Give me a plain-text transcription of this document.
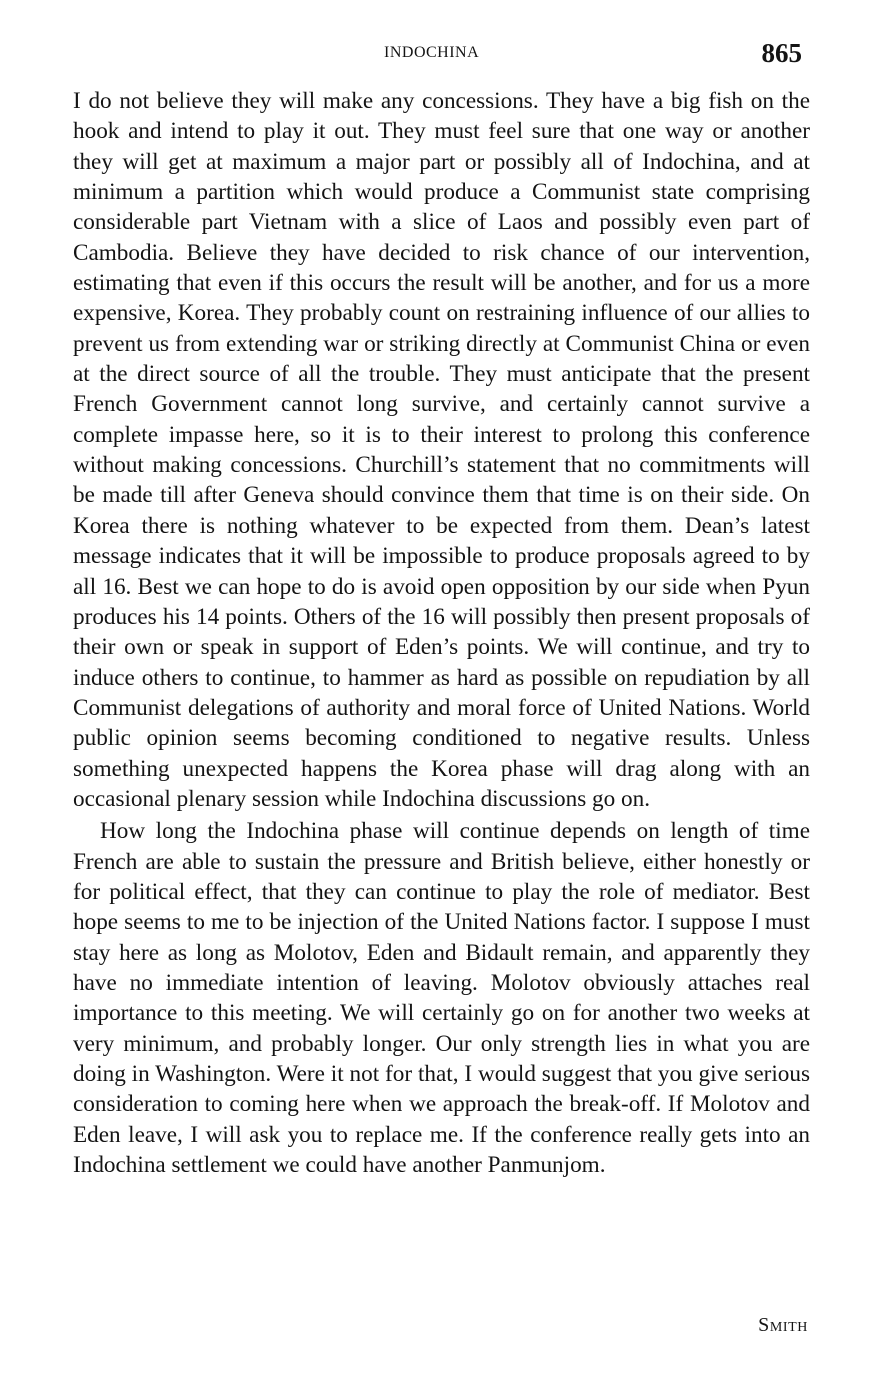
INDOCHINA	865

I do not believe they will make any concessions. They have a big fish on the hook and intend to play it out. They must feel sure that one way or another they will get at maximum a major part or possibly all of Indochina, and at minimum a partition which would produce a Communist state comprising considerable part Vietnam with a slice of Laos and possibly even part of Cambodia. Believe they have decided to risk chance of our intervention, estimating that even if this occurs the result will be another, and for us a more expensive, Korea. They probably count on restraining influence of our allies to prevent us from extending war or striking directly at Communist China or even at the direct source of all the trouble. They must anticipate that the present French Government cannot long survive, and certainly cannot survive a complete impasse here, so it is to their interest to prolong this conference without making concessions. Churchill’s statement that no commitments will be made till after Geneva should convince them that time is on their side. On Korea there is nothing whatever to be expected from them. Dean’s latest message indicates that it will be impossible to produce proposals agreed to by all 16. Best we can hope to do is avoid open opposition by our side when Pyun produces his 14 points. Others of the 16 will possibly then present proposals of their own or speak in support of Eden’s points. We will continue, and try to induce others to continue, to hammer as hard as possible on repudiation by all Communist delegations of authority and moral force of United Nations. World public opinion seems becoming conditioned to negative results. Unless something unexpected happens the Korea phase will drag along with an occasional plenary session while Indochina discussions go on.

How long the Indochina phase will continue depends on length of time French are able to sustain the pressure and British believe, either honestly or for political effect, that they can continue to play the role of mediator. Best hope seems to me to be injection of the United Nations factor. I suppose I must stay here as long as Molotov, Eden and Bidault remain, and apparently they have no immediate intention of leaving. Molotov obviously attaches real importance to this meeting. We will certainly go on for another two weeks at very minimum, and probably longer. Our only strength lies in what you are doing in Washington. Were it not for that, I would suggest that you give serious consideration to coming here when we approach the break-off. If Molotov and Eden leave, I will ask you to replace me. If the conference really gets into an Indochina settlement we could have another Panmunjom.

Smith
